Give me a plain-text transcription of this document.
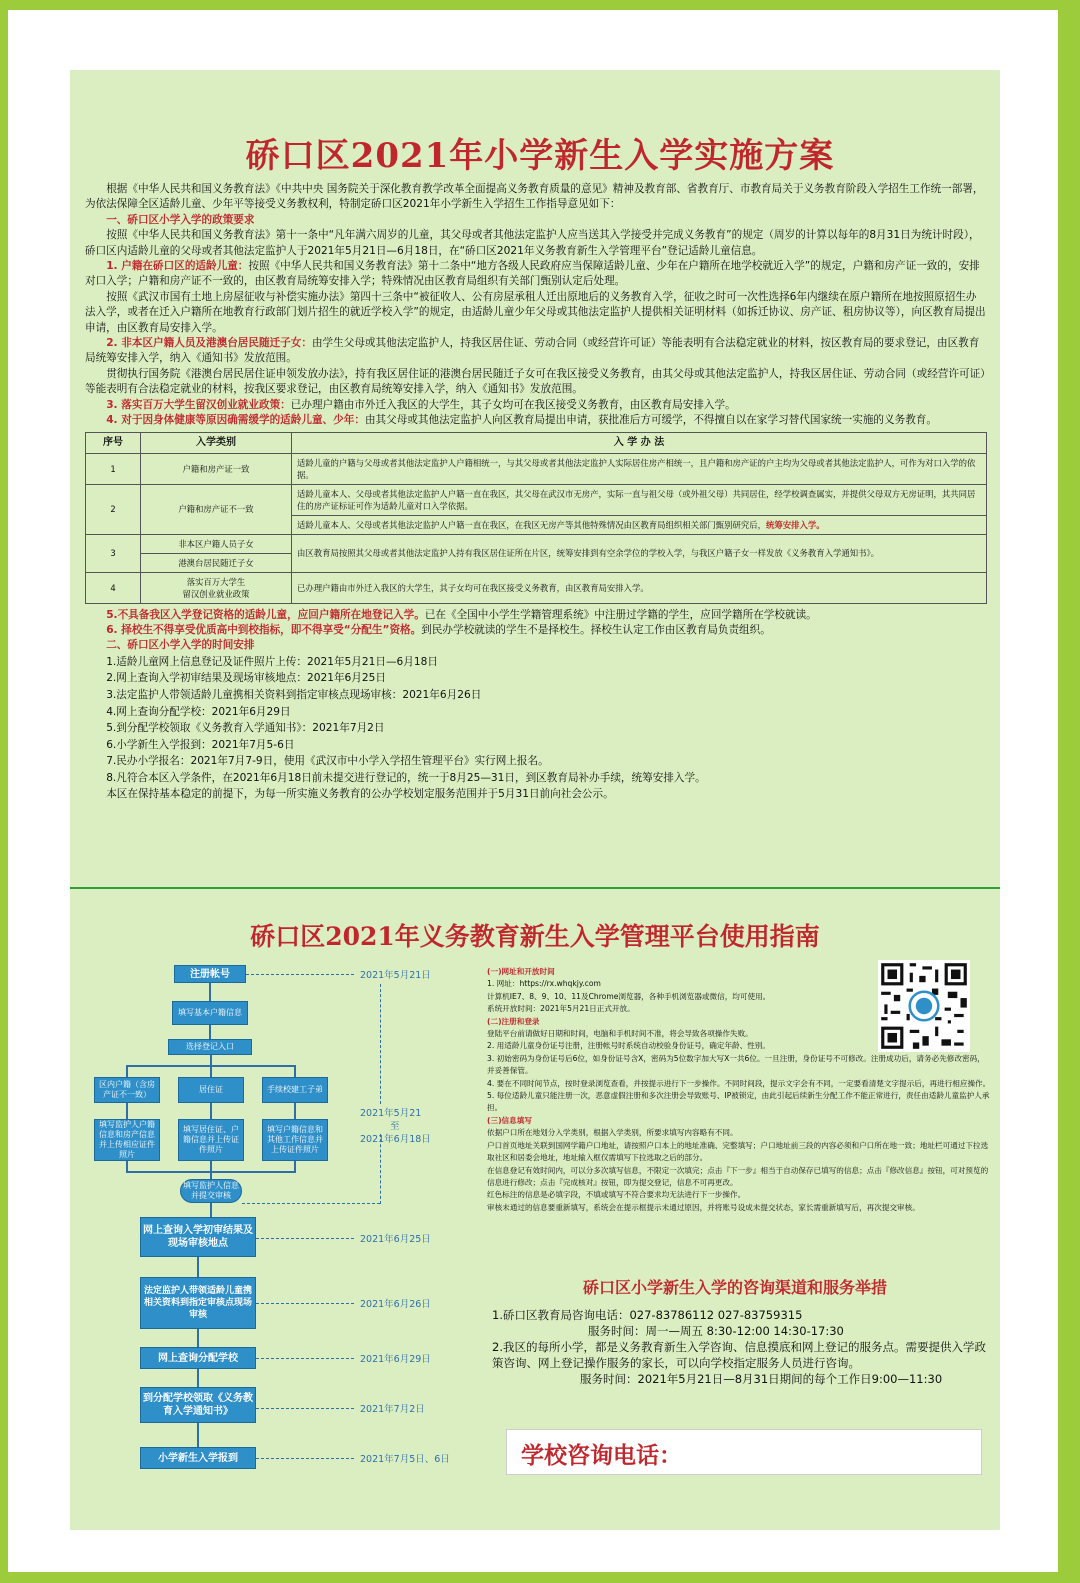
硚口区2021年小学新生入学实施方案

根据《中华人民共和国义务教育法》《中共中央 国务院关于深化教育教学改革全面提高义务教育质量的意见》精神及教育部、省教育厅、市教育局关于义务教育阶段入学招生工作统一部署，为依法保障全区适龄儿童、少年平等接受义务教权利，特制定硚口区2021年小学新生入学招生工作指导意见如下：

一、硚口区小学入学的政策要求

按照《中华人民共和国义务教育法》第十一条中“凡年满六周岁的儿童，其父母或者其他法定监护人应当送其入学接受并完成义务教育”的规定（周岁的计算以每年的8月31日为统计时段），硚口区内适龄儿童的父母或者其他法定监护人于2021年5月21日—6月18日，在“硚口区2021年义务教育新生入学管理平台”登记适龄儿童信息。

1. 户籍在硚口区的适龄儿童：按照《中华人民共和国义务教育法》第十二条中“地方各级人民政府应当保障适龄儿童、少年在户籍所在地学校就近入学”的规定，户籍和房产证一致的，安排对口入学；户籍和房产证不一致的，由区教育局统筹安排入学；特殊情况由区教育局组织有关部门甄别认定后处理。

按照《武汉市国有土地上房屋征收与补偿实施办法》第四十三条中“被征收人、公有房屋承租人迁出原地后的义务教育入学，征收之时可一次性选择6年内继续在原户籍所在地按照原招生办法入学，或者在迁入户籍所在地教育行政部门划片招生的就近学校入学”的规定，由适龄儿童少年父母或其他法定监护人提供相关证明材料（如拆迁协议、房产证、租房协议等），向区教育局提出申请，由区教育局安排入学。

2. 非本区户籍人员及港澳台居民随迁子女：由学生父母或其他法定监护人，持我区居住证、劳动合同（或经营许可证）等能表明有合法稳定就业的材料，按区教育局的要求登记，由区教育局统筹安排入学，纳入《通知书》发放范围。

贯彻执行国务院《港澳台居民居住证申领发放办法》，持有我区居住证的港澳台居民随迁子女可在我区接受义务教育，由其父母或其他法定监护人，持我区居住证、劳动合同（或经营许可证）等能表明有合法稳定就业的材料，按我区要求登记，由区教育局统筹安排入学，纳入《通知书》发放范围。

3. 落实百万大学生留汉创业就业政策：已办理户籍由市外迁入我区的大学生，其子女均可在我区接受义务教育，由区教育局安排入学。

4. 对于因身体健康等原因确需缓学的适龄儿童、少年：由其父母或其他法定监护人向区教育局提出申请，获批准后方可缓学，不得擅自以在家学习替代国家统一实施的义务教育。

序号	入学类别	入 学 办 法
1	户籍和房产证一致	适龄儿童的户籍与父母或者其他法定监护人户籍相统一，与其父母或者其他法定监护人实际居住房产相统一，且户籍和房产证的户主均为父母或者其他法定监护人，可作为对口入学的依据。
2	户籍和房产证不一致	适龄儿童本人、父母或者其他法定监护人户籍一直在我区，其父母在武汉市无房产，实际一直与祖父母（或外祖父母）共同居住，经学校调查属实，并提供父母双方无房证明，其共同居住的房产证标证可作为适龄儿童对口入学依据。
		适龄儿童本人、父母或者其他法定监护人户籍一直在我区，在我区无房产等其他特殊情况由区教育局组织相关部门甄别研究后，统筹安排入学。
3	非本区户籍人员子女
港澳台居民随迁子女	由区教育局按照其父母或者其他法定监护人持有我区居住证所在片区，统筹安排到有空余学位的学校入学，与我区户籍子女一样发放《义务教育入学通知书》。
4	落实百万大学生
留汉创业就业政策	已办理户籍由市外迁入我区的大学生，其子女均可在我区接受义务教育，由区教育局安排入学。

5.不具备我区入学登记资格的适龄儿童，应回户籍所在地登记入学。已在《全国中小学生学籍管理系统》中注册过学籍的学生，应回学籍所在学校就读。

6. 择校生不得享受优质高中到校指标，即不得享受“分配生”资格。到民办学校就读的学生不是择校生。择校生认定工作由区教育局负责组织。

二、硚口区小学入学的时间安排

1.适龄儿童网上信息登记及证件照片上传：2021年5月21日—6月18日

2.网上查询入学初审结果及现场审核地点：2021年6月25日

3.法定监护人带领适龄儿童携相关资料到指定审核点现场审核：2021年6月26日

4.网上查询分配学校：2021年6月29日

5.到分配学校领取《义务教育入学通知书》：2021年7月2日

6.小学新生入学报到：2021年7月5-6日

7.民办小学报名：2021年7月7-9日，使用《武汉市中小学入学招生管理平台》实行网上报名。

8.凡符合本区入学条件，在2021年6月18日前未提交进行登记的，统一于8月25—31日，到区教育局补办手续，统筹安排入学。

本区在保持基本稳定的前提下，为每一所实施义务教育的公办学校划定服务范围并于5月31日前向社会公示。

硚口区2021年义务教育新生入学管理平台使用指南
注册帐号
填写基本户籍信息
选择登记入口
区内户籍（含房产证不一致）
居住证	手续校建工子弟
填写监护人户籍信息和房产信息并上传相应证件照片
填写居住证、户籍信息并上传证件照片
填写户籍信息和其他工作信息并上传证件照片
填写监护人信息并提交审核
网上查询入学初审结果及现场审核地点
法定监护人带领适龄儿童携相关资料到指定审核点现场审核
网上查询分配学校
到分配学校领取《义务教育入学通知书》
小学新生入学报到
2021年5月21日
2021年5月21
至
2021年6月18日
2021年6月25日
2021年6月26日
2021年6月29日
2021年7月2日
2021年7月5日、6日

(一)网址和开放时间

1. 网址：https://rx.whqkjy.com

计算机IE7、8、9、10、11及Chrome浏览器，各种手机浏览器或微信，均可使用。

系统开放时间：2021年5月21日正式开放。

(二)注册和登录

登陆平台前请做好日期和时间，电脑和手机时间不准，将会导致各项操作失败。

2. 用适龄儿童身份证号注册，注册帐号时系统自动校验身份证号，确定年龄、性别。

3. 初始密码为身份证号后6位，如身份证号含X，密码为5位数字加大写X一共6位。一旦注册，身份证号不可修改。注册成功后，请务必先修改密码，并妥善保管。

4. 要在不同时间节点，按时登录浏览查看，并按提示进行下一步操作。不同时间段，提示文字会有不同，一定要看清楚文字提示后，再进行相应操作。

5. 每位适龄儿童只能注册一次，恶意虚假注册和多次注册会导致账号、IP被锁定，由此引起后续新生分配工作不能正常进行，责任由适龄儿童监护人承担。

(三)信息填写

依据户口所在地划分入学类别，根据入学类别，所要求填写内容略有不同。

户口首页地址关联到国网学籍户口地址，请按照户口本上的地址准确、完整填写；户口地址前三段的内容必须和户口所在地一致；地址栏可通过下拉选取社区和居委会地址，地址输入框仅需填写下拉选取之后的部分。

在信息登记有效时间内，可以分多次填写信息，不限定一次填完；点击『下一步』相当于自动保存已填写的信息；点击『修改信息』按钮，可对预览的信息进行修改；点击『完成核对』按钮，即为提交登记，信息不可再更改。

红色标注的信息是必填字段，不填或填写不符合要求均无法进行下一步操作。

审核未通过的信息要重新填写，系统会在提示框提示未通过原因，并将账号设成未提交状态，家长需重新填写后，再次提交审核。

硚口区小学新生入学的咨询渠道和服务举措

1.硚口区教育局咨询电话：027-83786112 027-83759315

服务时间：周一—周五 8:30-12:00 14:30-17:30

2.我区的每所小学，都是义务教育新生入学咨询、信息摸底和网上登记的服务点。需要提供入学政策咨询、网上登记操作服务的家长，可以向学校指定服务人员进行咨询。

服务时间：2021年5月21日—8月31日期间的每个工作日9:00—11:30

学校咨询电话：
